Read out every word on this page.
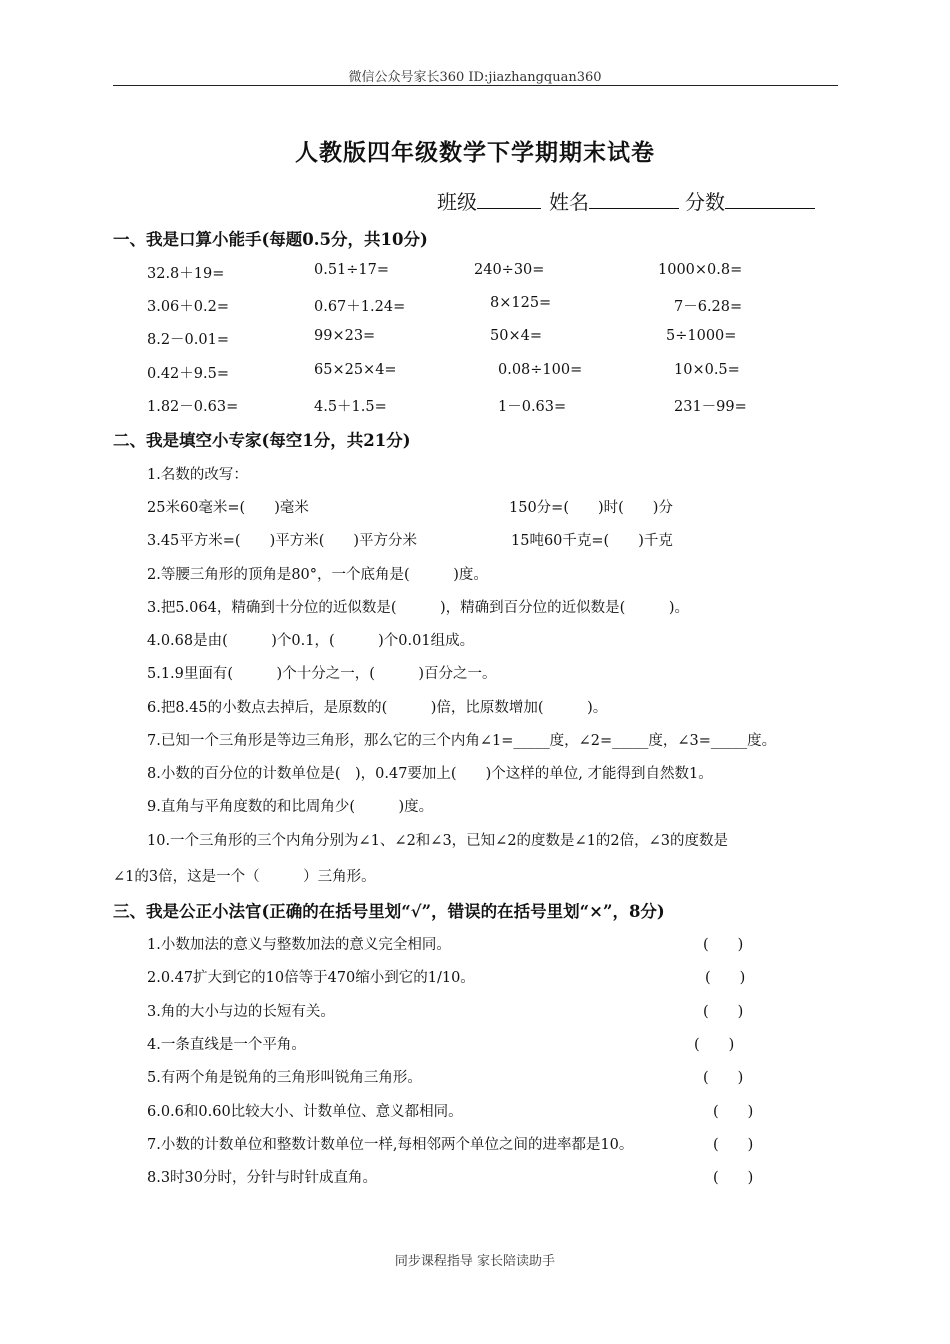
微信公众号家长360 ID:jiazhangquan360
人教版四年级数学下学期期末试卷
班级	姓名	分数
一、我是口算小能手(每题0.5分，共10分)
32.8＋19=	0.51÷17=	240÷30=	1000×0.8=
3.06＋0.2=	0.67＋1.24=	8×125=	7－6.28=
8.2－0.01=	99×23=	50×4=	5÷1000=
0.42＋9.5=	65×25×4=	0.08÷100=	10×0.5=
1.82－0.63=	4.5＋1.5=	1－0.63=	231－99=
二、我是填空小专家(每空1分，共21分)
1.名数的改写：
25米60毫米=(　　)毫米	150分=(　　)时(　　)分
3.45平方米=(　　)平方米(　　)平方分米	15吨60千克=(　　)千克
2.等腰三角形的顶角是80°，一个底角是(　　　)度。
3.把5.064，精确到十分位的近似数是(　　　)，精确到百分位的近似数是(　　　)。
4.0.68是由(　　　)个0.1，(　　　)个0.01组成。
5.1.9里面有(　　　)个十分之一，(　　　)百分之一。
6.把8.45的小数点去掉后，是原数的(　　　)倍，比原数增加(　　　)。
7.已知一个三角形是等边三角形，那么它的三个内角∠1=_____度，∠2=_____度，∠3=_____度。
8.小数的百分位的计数单位是(　)，0.47要加上(　　)个这样的单位, 才能得到自然数1。
9.直角与平角度数的和比周角少(　　　)度。
10.一个三角形的三个内角分别为∠1、∠2和∠3，已知∠2的度数是∠1的2倍，∠3的度数是
∠1的3倍，这是一个（　　　）三角形。
三、我是公正小法官(正确的在括号里划“√”，错误的在括号里划“×”，8分)
1.小数加法的意义与整数加法的意义完全相同。	(　　)
2.0.47扩大到它的10倍等于470缩小到它的1/10。	(　　)
3.角的大小与边的长短有关。	(　　)
4.一条直线是一个平角。	(　　)
5.有两个角是锐角的三角形叫锐角三角形。	(　　)
6.0.6和0.60比较大小、计数单位、意义都相同。	(　　)
7.小数的计数单位和整数计数单位一样,每相邻两个单位之间的进率都是10。	(　　)
8.3时30分时，分针与时针成直角。	(　　)
同步课程指导 家长陪读助手
